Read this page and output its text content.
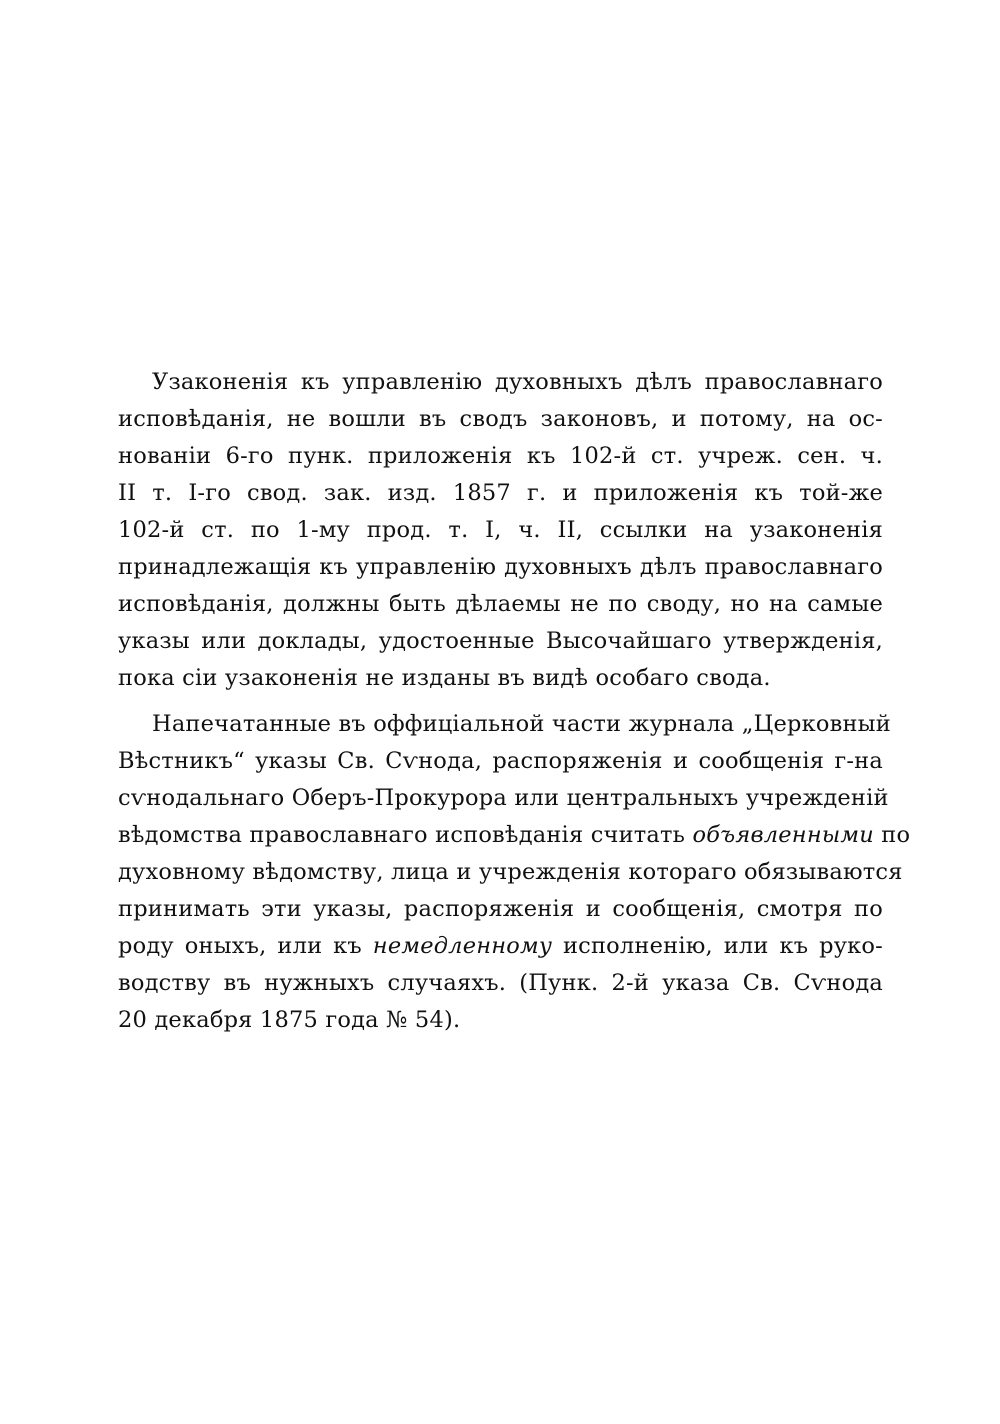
Узаконенія къ управленію духовныхъ дѣлъ православнаго
исповѣданія, не вошли въ сводъ законовъ, и потому, на ос-
нованіи 6-го пунк. приложенія къ 102-й ст. учреж. сен. ч.
II т. I-го свод. зак. изд. 1857 г. и приложенія къ той-же
102-й ст. по 1-му прод. т. I, ч. II, ссылки на узаконенія
принадлежащія къ управленію духовныхъ дѣлъ православнаго
исповѣданія, должны быть дѣлаемы не по своду, но на самые
указы или доклады, удостоенные Высочайшаго утвержденія,
пока сіи узаконенія не изданы въ видѣ особаго свода.
Напечатанные въ оффиціальной части журнала „Церковный
Вѣстникъ“ указы Св. Сѵнода, распоряженія и сообщенія г-на
сѵнодальнаго Оберъ-Прокурора или центральныхъ учрежденій
вѣдомства православнаго исповѣданія считать объявленными по
духовному вѣдомству, лица и учрежденія котораго обязываются
принимать эти указы, распоряженія и сообщенія, смотря по
роду оныхъ, или къ немедленному исполненію, или къ руко-
водству въ нужныхъ случаяхъ. (Пунк. 2-й указа Св. Сѵнода
20 декабря 1875 года № 54).
